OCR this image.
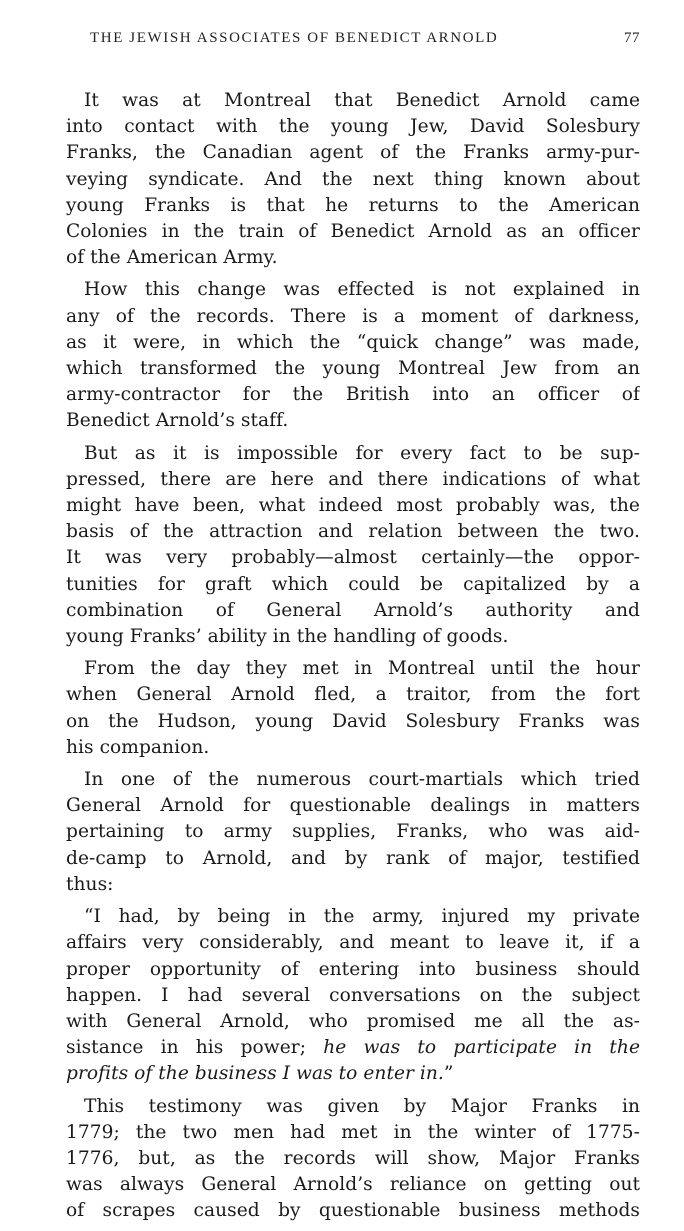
THE JEWISH ASSOCIATES OF BENEDICT ARNOLD	77
It was at Montreal that Benedict Arnold came
into contact with the young Jew, David Solesbury
Franks, the Canadian agent of the Franks army-pur-
veying syndicate. And the next thing known about
young Franks is that he returns to the American
Colonies in the train of Benedict Arnold as an officer
of the American Army.
How this change was effected is not explained in
any of the records. There is a moment of darkness,
as it were, in which the “quick change” was made,
which transformed the young Montreal Jew from an
army-contractor for the British into an officer of
Benedict Arnold’s staff.
But as it is impossible for every fact to be sup-
pressed, there are here and there indications of what
might have been, what indeed most probably was, the
basis of the attraction and relation between the two.
It was very probably—almost certainly—the oppor-
tunities for graft which could be capitalized by a
combination of General Arnold’s authority and
young Franks’ ability in the handling of goods.
From the day they met in Montreal until the hour
when General Arnold fled, a traitor, from the fort
on the Hudson, young David Solesbury Franks was
his companion.
In one of the numerous court-martials which tried
General Arnold for questionable dealings in matters
pertaining to army supplies, Franks, who was aid-
de-camp to Arnold, and by rank of major, testified
thus:
“I had, by being in the army, injured my private
affairs very considerably, and meant to leave it, if a
proper opportunity of entering into business should
happen. I had several conversations on the subject
with General Arnold, who promised me all the as-
sistance in his power; he was to participate in the
profits of the business I was to enter in.”
This testimony was given by Major Franks in
1779; the two men had met in the winter of 1775-
1776, but, as the records will show, Major Franks
was always General Arnold’s reliance on getting out
of scrapes caused by questionable business methods
